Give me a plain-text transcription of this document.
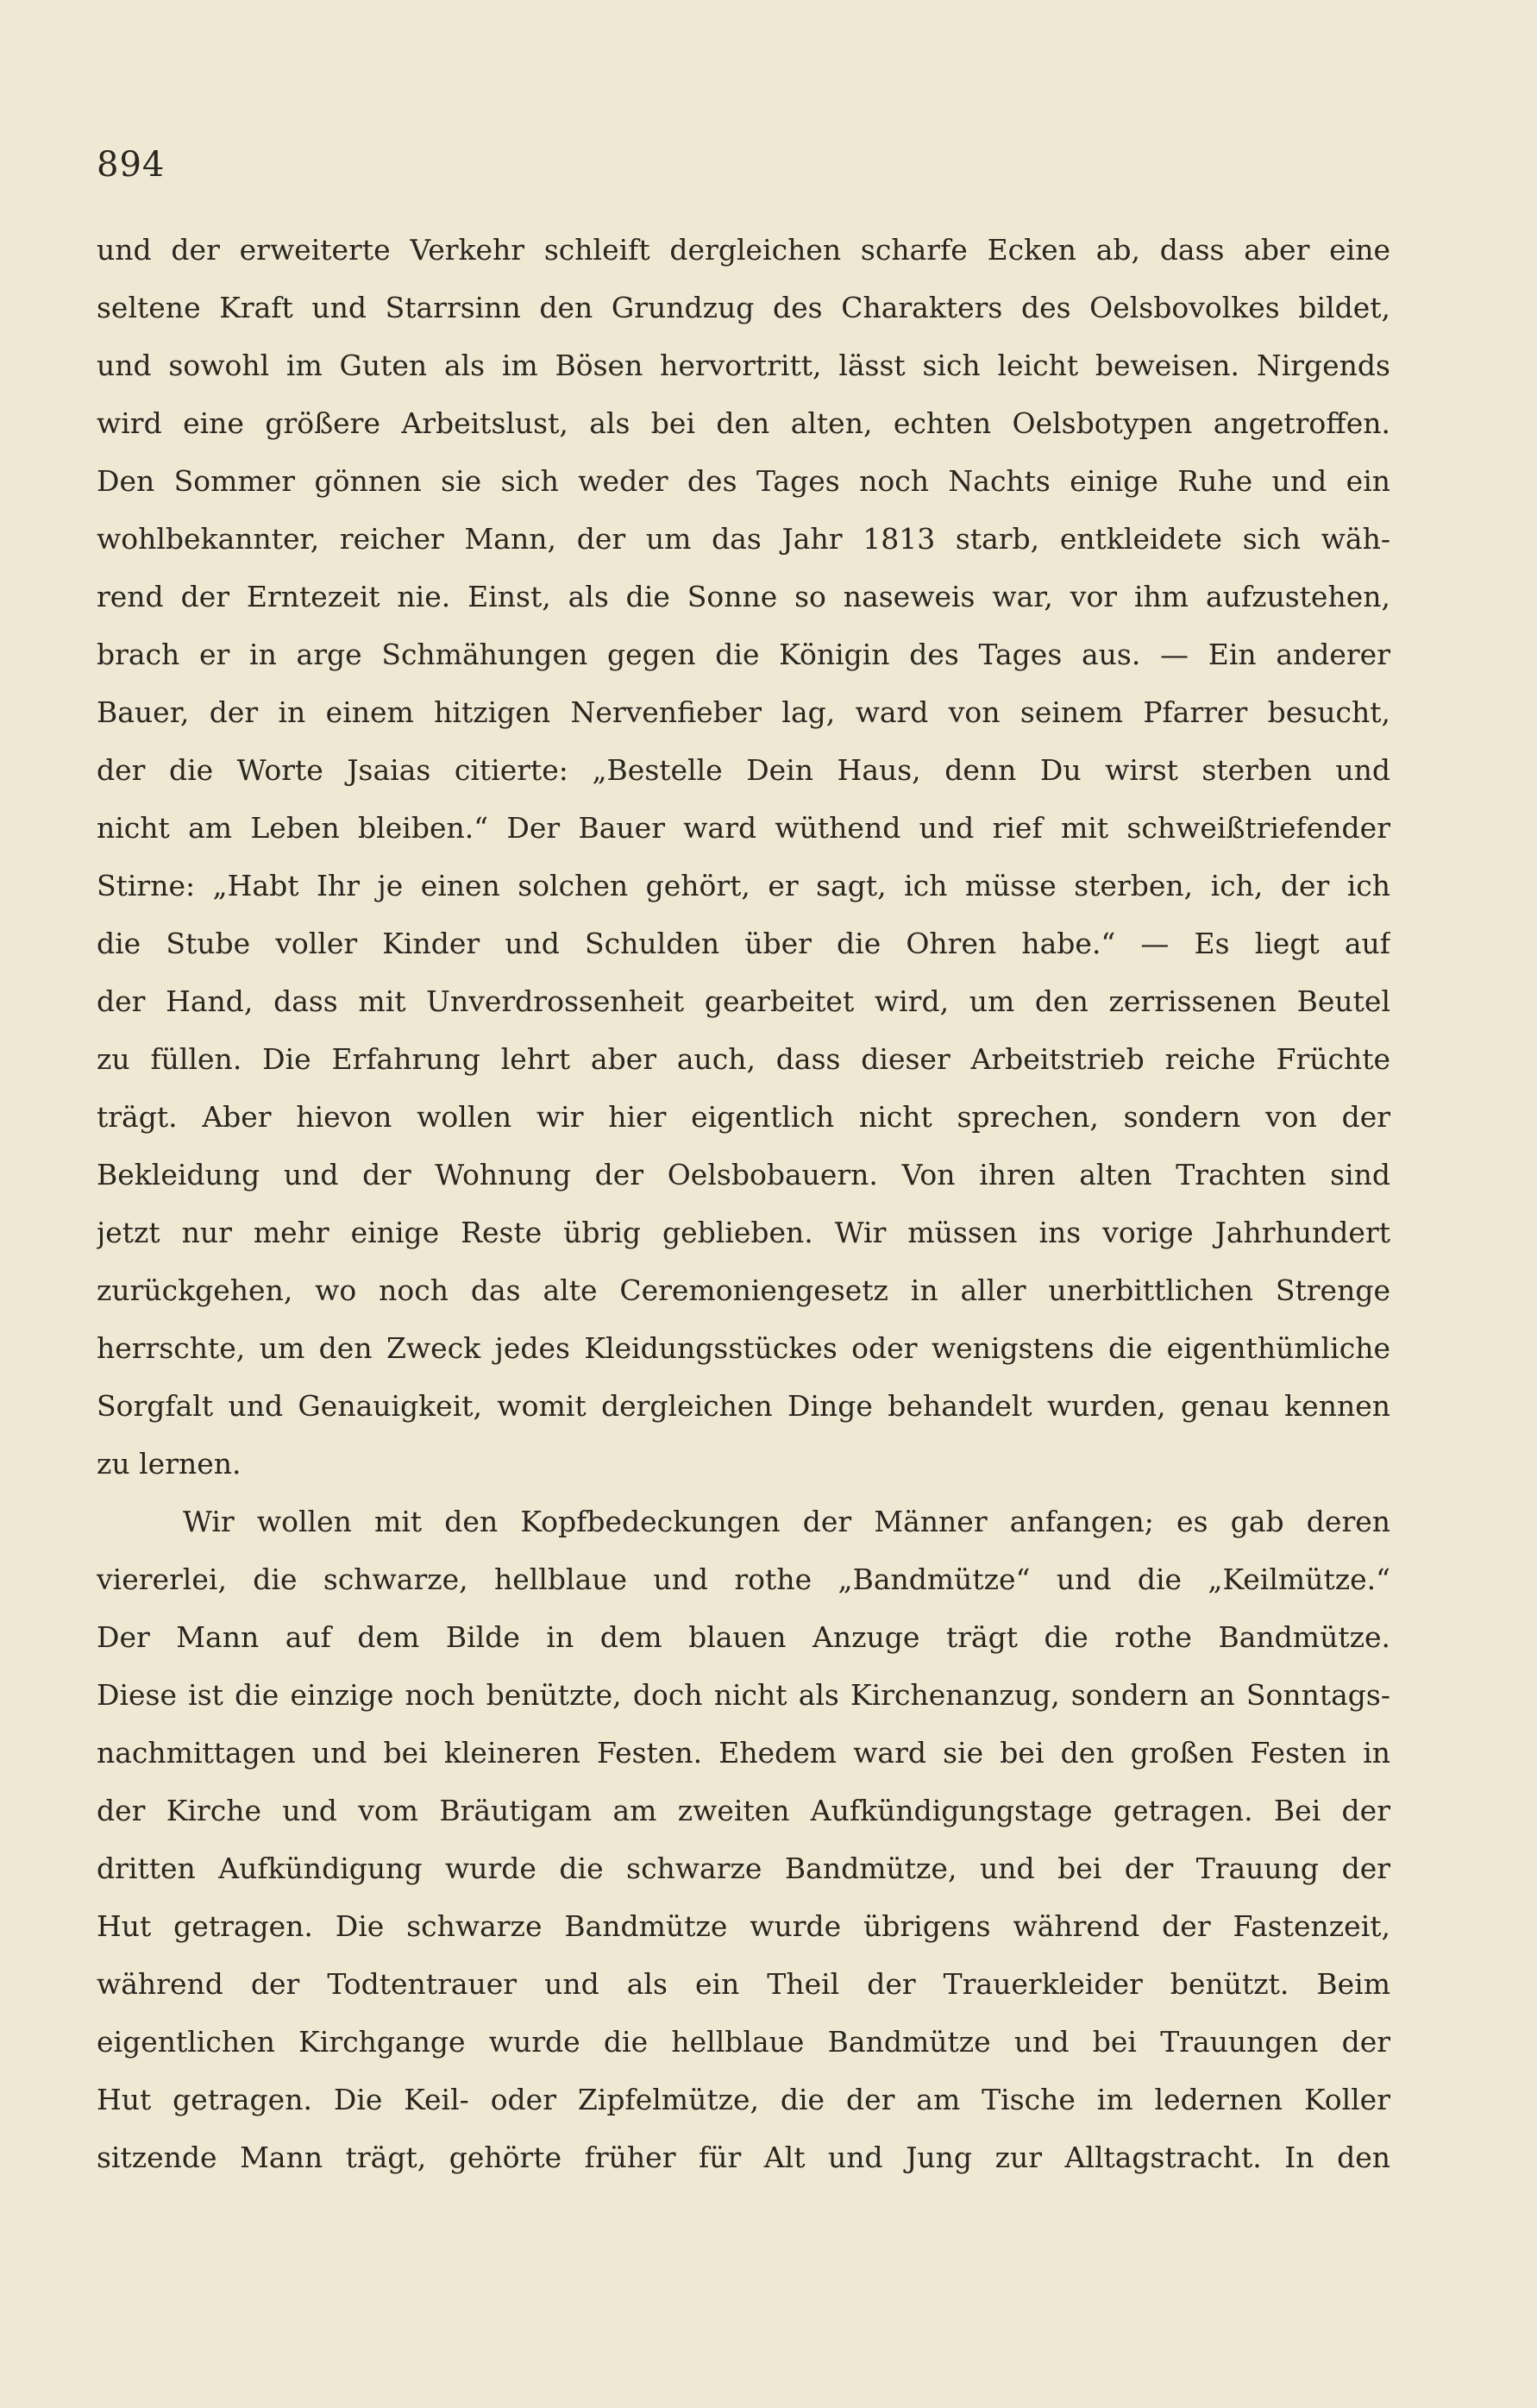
894
und der erweiterte Verkehr schleift dergleichen scharfe Ecken ab, dass aber eine
seltene Kraft und Starrsinn den Grundzug des Charakters des Oelsbovolkes bildet,
und sowohl im Guten als im Bösen hervortritt, lässt sich leicht beweisen. Nirgends
wird eine größere Arbeitslust, als bei den alten, echten Oelsbotypen angetroffen.
Den Sommer gönnen sie sich weder des Tages noch Nachts einige Ruhe und ein
wohlbekannter, reicher Mann, der um das Jahr 1813 starb, entkleidete sich wäh-
rend der Erntezeit nie. Einst, als die Sonne so naseweis war, vor ihm aufzustehen,
brach er in arge Schmähungen gegen die Königin des Tages aus. — Ein anderer
Bauer, der in einem hitzigen Nervenfieber lag, ward von seinem Pfarrer besucht,
der die Worte Jsaias citierte: „Bestelle Dein Haus, denn Du wirst sterben und
nicht am Leben bleiben.“ Der Bauer ward wüthend und rief mit schweißtriefender
Stirne: „Habt Ihr je einen solchen gehört, er sagt, ich müsse sterben, ich, der ich
die Stube voller Kinder und Schulden über die Ohren habe.“ — Es liegt auf
der Hand, dass mit Unverdrossenheit gearbeitet wird, um den zerrissenen Beutel
zu füllen. Die Erfahrung lehrt aber auch, dass dieser Arbeitstrieb reiche Früchte
trägt. Aber hievon wollen wir hier eigentlich nicht sprechen, sondern von der
Bekleidung und der Wohnung der Oelsbobauern. Von ihren alten Trachten sind
jetzt nur mehr einige Reste übrig geblieben. Wir müssen ins vorige Jahrhundert
zurückgehen, wo noch das alte Ceremoniengesetz in aller unerbittlichen Strenge
herrschte, um den Zweck jedes Kleidungsstückes oder wenigstens die eigenthümliche
Sorgfalt und Genauigkeit, womit dergleichen Dinge behandelt wurden, genau kennen
zu lernen.
Wir wollen mit den Kopfbedeckungen der Männer anfangen; es gab deren
viererlei, die schwarze, hellblaue und rothe „Bandmütze“ und die „Keilmütze.“
Der Mann auf dem Bilde in dem blauen Anzuge trägt die rothe Bandmütze.
Diese ist die einzige noch benützte, doch nicht als Kirchenanzug, sondern an Sonntags-
nachmittagen und bei kleineren Festen. Ehedem ward sie bei den großen Festen in
der Kirche und vom Bräutigam am zweiten Aufkündigungstage getragen. Bei der
dritten Aufkündigung wurde die schwarze Bandmütze, und bei der Trauung der
Hut getragen. Die schwarze Bandmütze wurde übrigens während der Fastenzeit,
während der Todtentrauer und als ein Theil der Trauerkleider benützt. Beim
eigentlichen Kirchgange wurde die hellblaue Bandmütze und bei Trauungen der
Hut getragen. Die Keil- oder Zipfelmütze, die der am Tische im ledernen Koller
sitzende Mann trägt, gehörte früher für Alt und Jung zur Alltagstracht. In den
